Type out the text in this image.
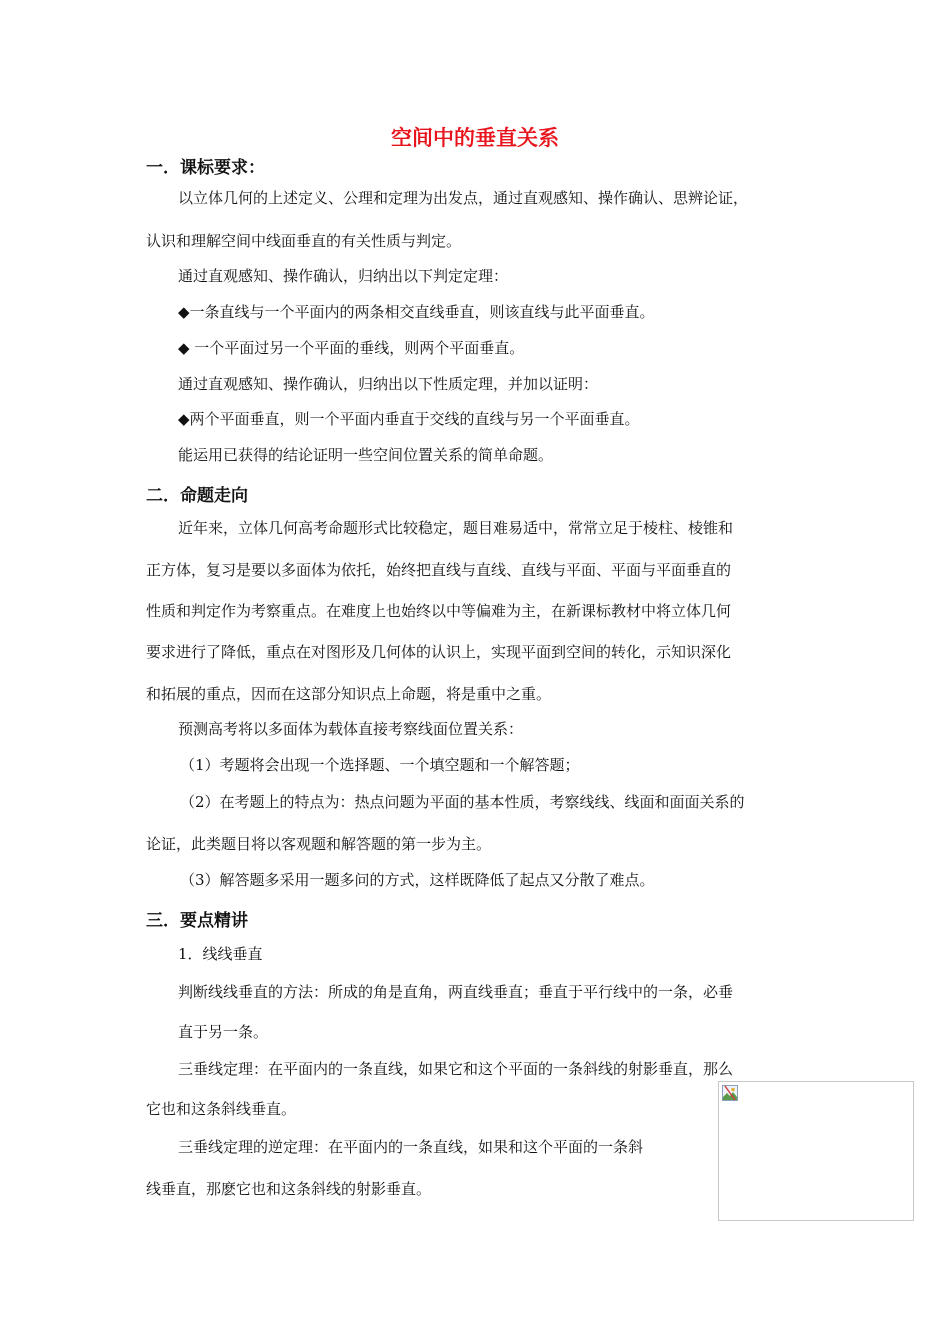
空间中的垂直关系
一．课标要求：
以立体几何的上述定义、公理和定理为出发点，通过直观感知、操作确认、思辨论证，
认识和理解空间中线面垂直的有关性质与判定。
通过直观感知、操作确认，归纳出以下判定定理：
◆一条直线与一个平面内的两条相交直线垂直，则该直线与此平面垂直。
◆ 一个平面过另一个平面的垂线，则两个平面垂直。
通过直观感知、操作确认，归纳出以下性质定理，并加以证明：
◆两个平面垂直，则一个平面内垂直于交线的直线与另一个平面垂直。
能运用已获得的结论证明一些空间位置关系的简单命题。
二．命题走向
近年来，立体几何高考命题形式比较稳定，题目难易适中，常常立足于棱柱、棱锥和
正方体，复习是要以多面体为依托，始终把直线与直线、直线与平面、平面与平面垂直的
性质和判定作为考察重点。在难度上也始终以中等偏难为主，在新课标教材中将立体几何
要求进行了降低，重点在对图形及几何体的认识上，实现平面到空间的转化，示知识深化
和拓展的重点，因而在这部分知识点上命题，将是重中之重。
预测高考将以多面体为载体直接考察线面位置关系：
（1）考题将会出现一个选择题、一个填空题和一个解答题；
（2）在考题上的特点为：热点问题为平面的基本性质，考察线线、线面和面面关系的
论证，此类题目将以客观题和解答题的第一步为主。
（3）解答题多采用一题多问的方式，这样既降低了起点又分散了难点。
三．要点精讲
1．线线垂直
判断线线垂直的方法：所成的角是直角，两直线垂直；垂直于平行线中的一条，必垂
直于另一条。
三垂线定理：在平面内的一条直线，如果它和这个平面的一条斜线的射影垂直，那么
它也和这条斜线垂直。
三垂线定理的逆定理：在平面内的一条直线，如果和这个平面的一条斜
线垂直，那麽它也和这条斜线的射影垂直。
